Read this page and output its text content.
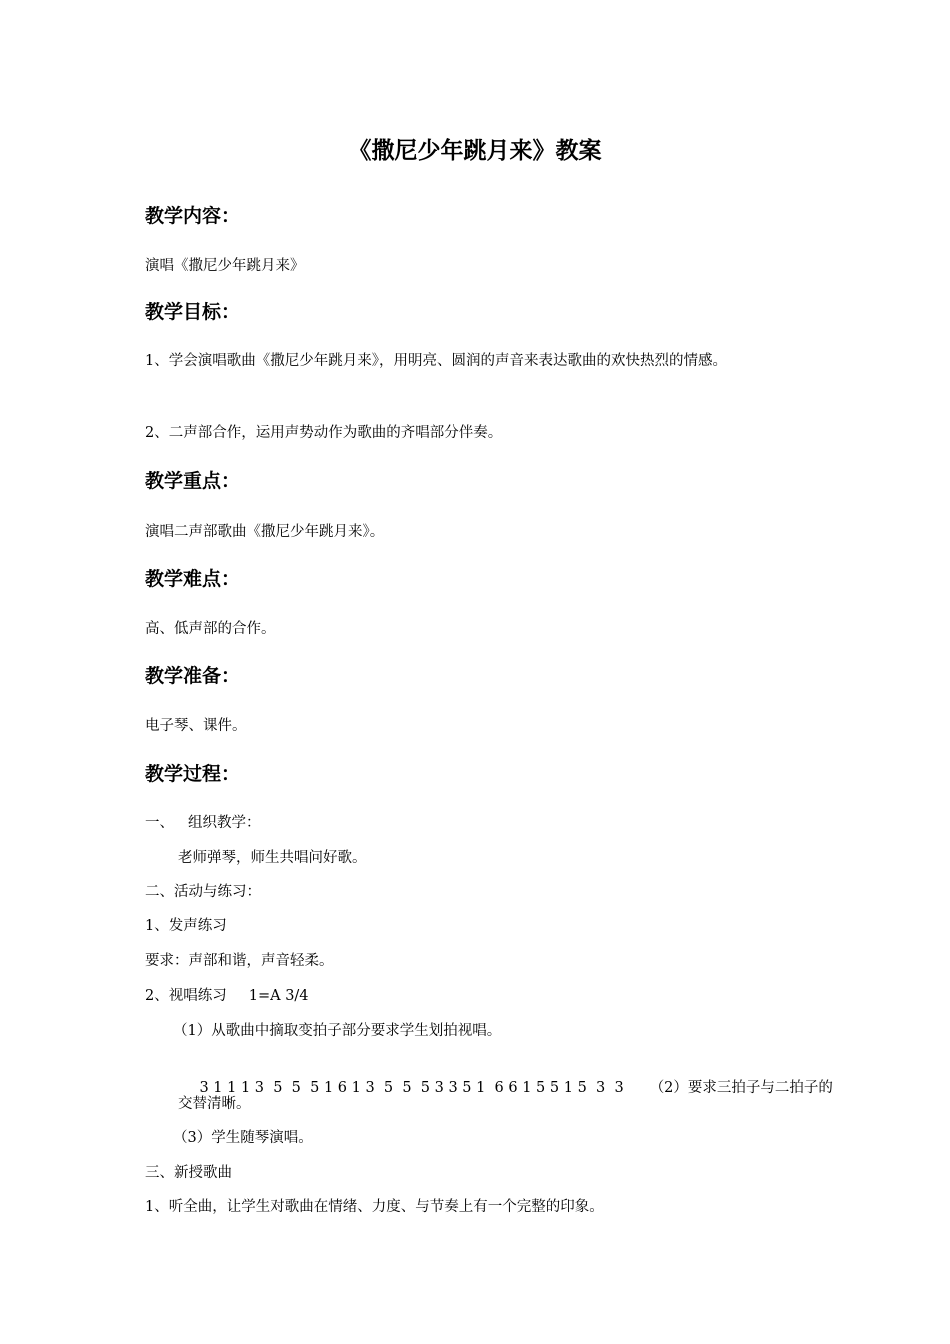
《撒尼少年跳月来》教案
教学内容：
演唱《撒尼少年跳月来》
教学目标：
1、学会演唱歌曲《撒尼少年跳月来》，用明亮、圆润的声音来表达歌曲的欢快热烈的情感。
2、二声部合作，运用声势动作为歌曲的齐唱部分伴奏。
教学重点：
演唱二声部歌曲《撒尼少年跳月来》。
教学难点：
高、低声部的合作。
教学准备：
电子琴、课件。
教学过程：
一、 组织教学：
老师弹琴，师生共唱问好歌。
二、活动与练习：
1、发声练习
要求：声部和谐，声音轻柔。
2、视唱练习 1=A 3/4
（1）从歌曲中摘取变拍子部分要求学生划拍视唱。

3 1 1 1 3  5  5  5 1 6 1 3  5  5  5 3 3 5 1  6 6 1 5 5 1 5  3  3 （2）要求三拍子与二拍子的

交替清晰。
（3）学生随琴演唱。
三、新授歌曲
1、听全曲，让学生对歌曲在情绪、力度、与节奏上有一个完整的印象。
